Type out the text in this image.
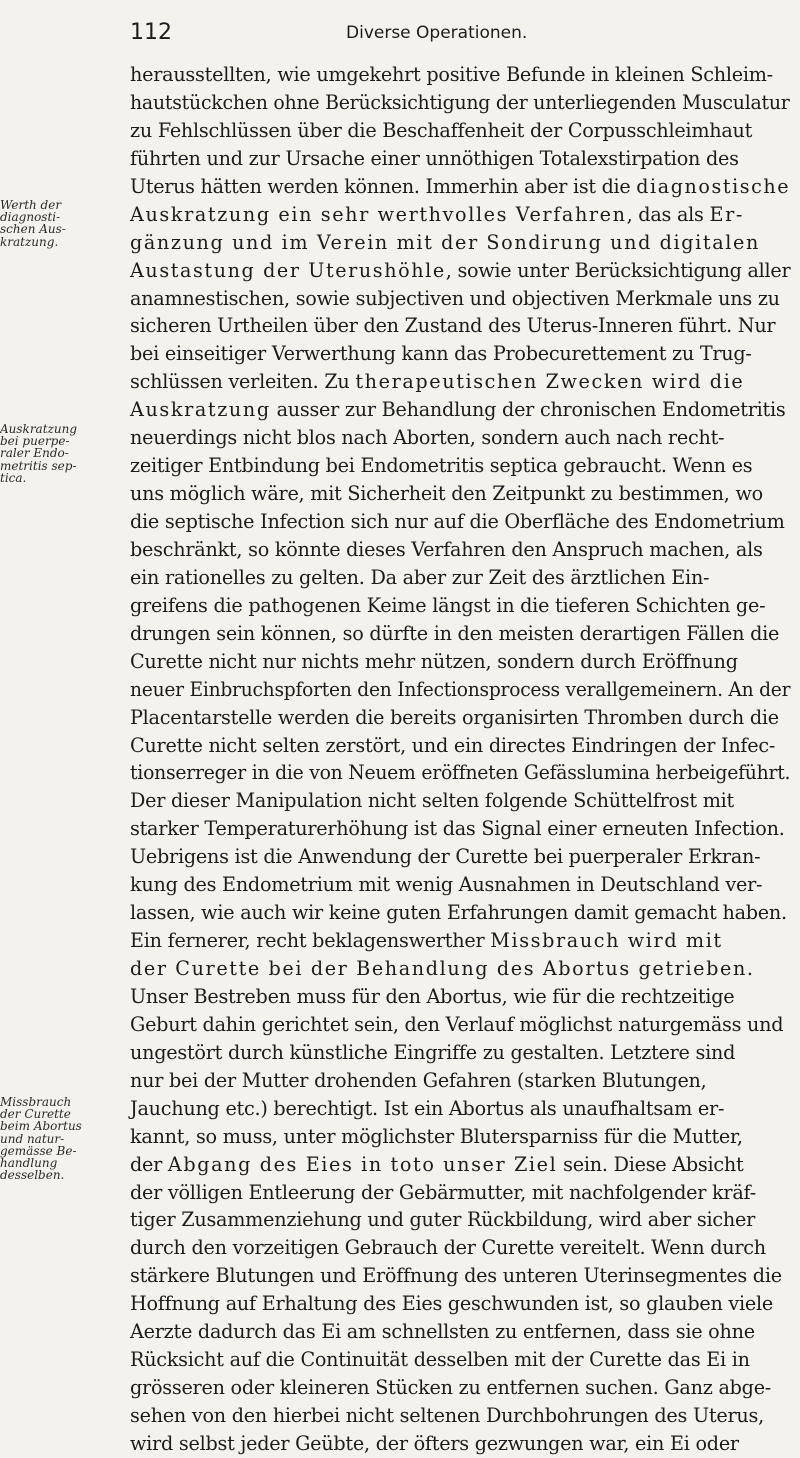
112	Diverse Operationen.
Werth der
diagnosti-
schen Aus-
kratzung.
Auskratzung
bei puerpe-
raler Endo-
metritis sep-
tica.
Missbrauch
der Curette
beim Abortus
und natur-
gemässe Be-
handlung
desselben.
herausstellten, wie umgekehrt positive Befunde in kleinen Schleim-
hautstückchen ohne Berücksichtigung der unterliegenden Musculatur
zu Fehlschlüssen über die Beschaffenheit der Corpusschleimhaut
führten und zur Ursache einer unnöthigen Totalexstirpation des
Uterus hätten werden können. Immerhin aber ist die diagnostische
Auskratzung ein sehr werthvolles Verfahren, das als Er-
gänzung und im Verein mit der Sondirung und digitalen
Austastung der Uterushöhle, sowie unter Berücksichtigung aller
anamnestischen, sowie subjectiven und objectiven Merkmale uns zu
sicheren Urtheilen über den Zustand des Uterus-Inneren führt. Nur
bei einseitiger Verwerthung kann das Probecurettement zu Trug-
schlüssen verleiten. Zu therapeutischen Zwecken wird die
Auskratzung ausser zur Behandlung der chronischen Endometritis
neuerdings nicht blos nach Aborten, sondern auch nach recht-
zeitiger Entbindung bei Endometritis septica gebraucht. Wenn es
uns möglich wäre, mit Sicherheit den Zeitpunkt zu bestimmen, wo
die septische Infection sich nur auf die Oberfläche des Endometrium
beschränkt, so könnte dieses Verfahren den Anspruch machen, als
ein rationelles zu gelten. Da aber zur Zeit des ärztlichen Ein-
greifens die pathogenen Keime längst in die tieferen Schichten ge-
drungen sein können, so dürfte in den meisten derartigen Fällen die
Curette nicht nur nichts mehr nützen, sondern durch Eröffnung
neuer Einbruchspforten den Infectionsprocess verallgemeinern. An der
Placentarstelle werden die bereits organisirten Thromben durch die
Curette nicht selten zerstört, und ein directes Eindringen der Infec-
tionserreger in die von Neuem eröffneten Gefässlumina herbeigeführt.
Der dieser Manipulation nicht selten folgende Schüttelfrost mit
starker Temperaturerhöhung ist das Signal einer erneuten Infection.
Uebrigens ist die Anwendung der Curette bei puerperaler Erkran-
kung des Endometrium mit wenig Ausnahmen in Deutschland ver-
lassen, wie auch wir keine guten Erfahrungen damit gemacht haben.
Ein fernerer, recht beklagenswerther Missbrauch wird mit
der Curette bei der Behandlung des Abortus getrieben.
Unser Bestreben muss für den Abortus, wie für die rechtzeitige
Geburt dahin gerichtet sein, den Verlauf möglichst naturgemäss und
ungestört durch künstliche Eingriffe zu gestalten. Letztere sind
nur bei der Mutter drohenden Gefahren (starken Blutungen,
Jauchung etc.) berechtigt. Ist ein Abortus als unaufhaltsam er-
kannt, so muss, unter möglichster Blutersparniss für die Mutter,
der Abgang des Eies in toto unser Ziel sein. Diese Absicht
der völligen Entleerung der Gebärmutter, mit nachfolgender kräf-
tiger Zusammenziehung und guter Rückbildung, wird aber sicher
durch den vorzeitigen Gebrauch der Curette vereitelt. Wenn durch
stärkere Blutungen und Eröffnung des unteren Uterinsegmentes die
Hoffnung auf Erhaltung des Eies geschwunden ist, so glauben viele
Aerzte dadurch das Ei am schnellsten zu entfernen, dass sie ohne
Rücksicht auf die Continuität desselben mit der Curette das Ei in
grösseren oder kleineren Stücken zu entfernen suchen. Ganz abge-
sehen von den hierbei nicht seltenen Durchbohrungen des Uterus,
wird selbst jeder Geübte, der öfters gezwungen war, ein Ei oder
